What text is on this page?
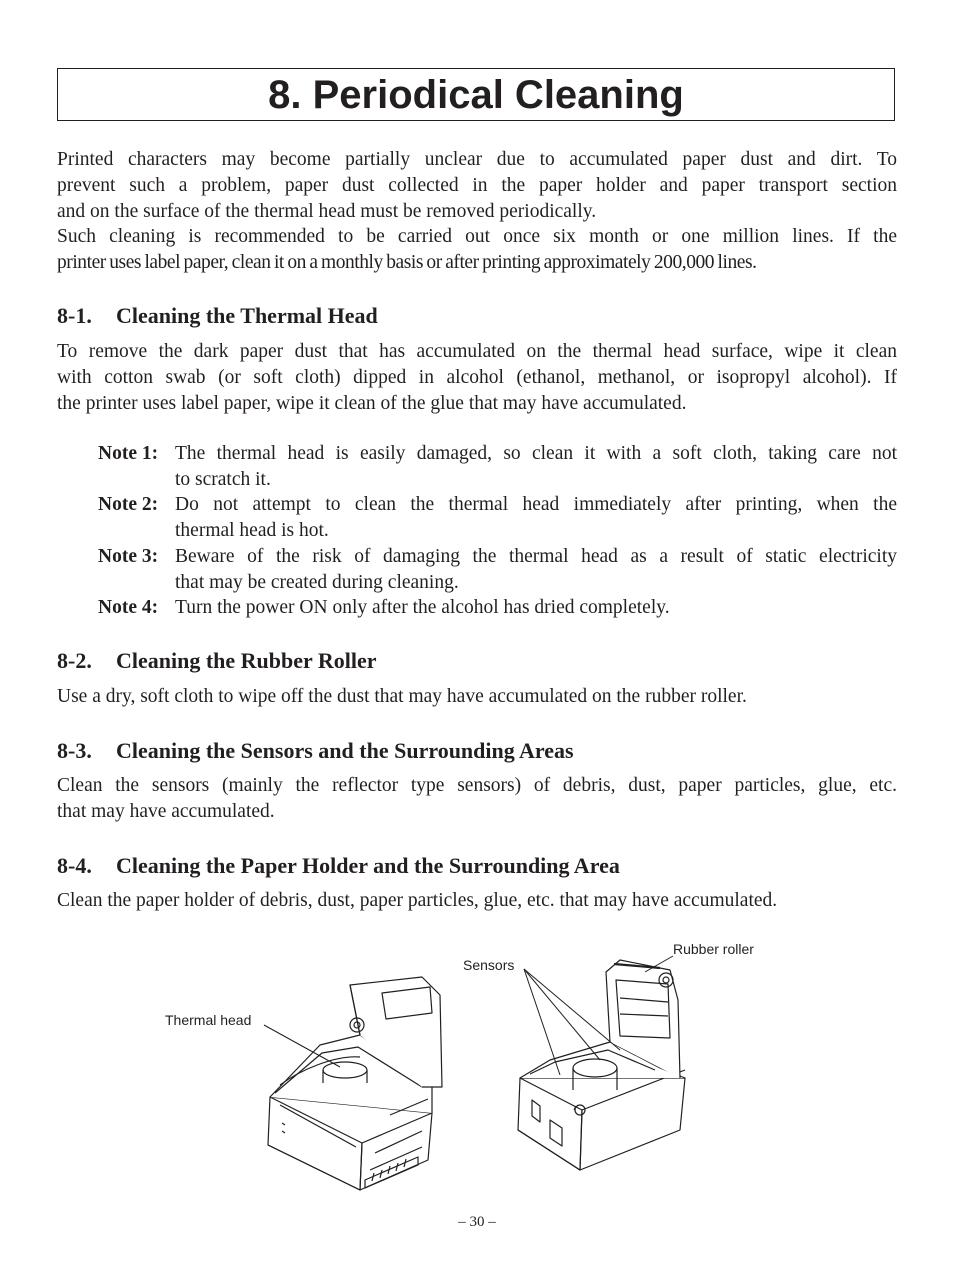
8. Periodical Cleaning

Printed characters may become partially unclear due to accumulated paper dust and dirt. To
prevent such a problem, paper dust collected in the paper holder and paper transport section
and on the surface of the thermal head must be removed periodically.

Such cleaning is recommended to be carried out once six month or one million lines. If the
printer uses label paper, clean it on a monthly basis or after printing approximately 200,000 lines.

8-1. Cleaning the Thermal Head

To remove the dark paper dust that has accumulated on the thermal head surface, wipe it clean
with cotton swab (or soft cloth) dipped in alcohol (ethanol, methanol, or isopropyl alcohol). If
the printer uses label paper, wipe it clean of the glue that may have accumulated.

Note 1: The thermal head is easily damaged, so clean it with a soft cloth, taking care not
to scratch it.
Note 2: Do not attempt to clean the thermal head immediately after printing, when the
thermal head is hot.
Note 3: Beware of the risk of damaging the thermal head as a result of static electricity
that may be created during cleaning.
Note 4: Turn the power ON only after the alcohol has dried completely.
8-2. Cleaning the Rubber Roller

Use a dry, soft cloth to wipe off the dust that may have accumulated on the rubber roller.

8-3. Cleaning the Sensors and the Surrounding Areas

Clean the sensors (mainly the reflector type sensors) of debris, dust, paper particles, glue, etc.
that may have accumulated.

8-4. Cleaning the Paper Holder and the Surrounding Area

Clean the paper holder of debris, dust, paper particles, glue, etc. that may have accumulated.

Thermal head
Sensors
Rubber roller
– 30 –
